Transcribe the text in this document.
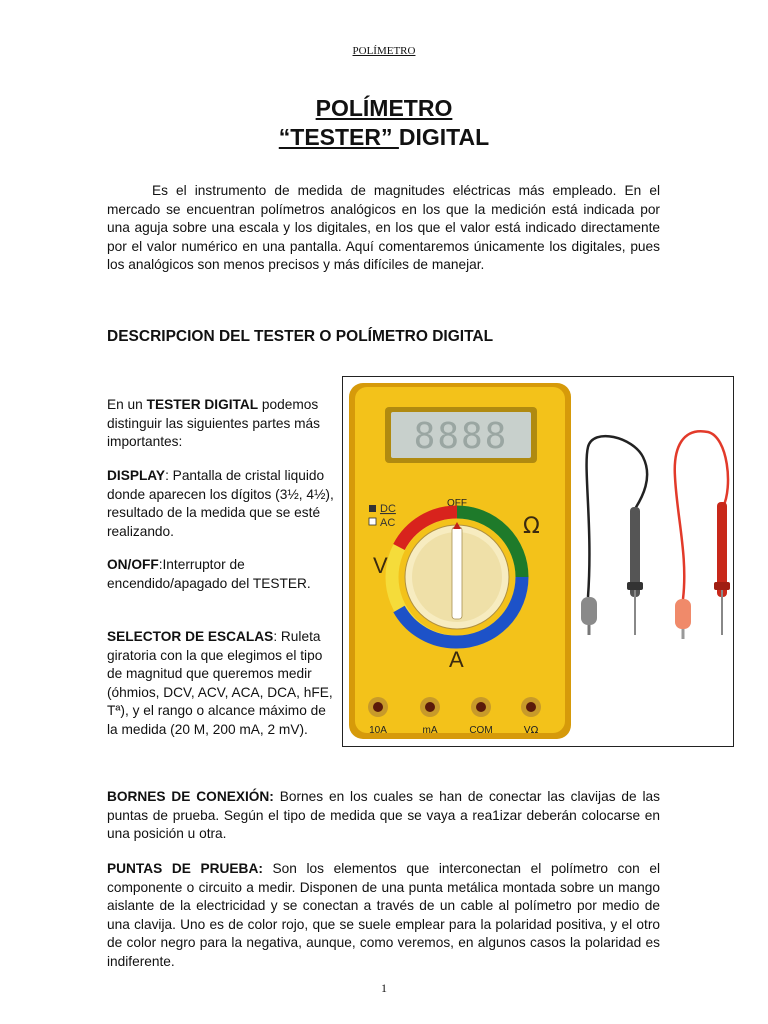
POLÍMETRO
POLÍMETRO
“TESTER” DIGITAL
Es el instrumento de medida de magnitudes eléctricas más empleado. En el mercado se encuentran polímetros analógicos en los que la medición está indicada por una aguja sobre una escala y los digitales, en los que el valor está indicado directamente por el valor numérico en una pantalla. Aquí comentaremos únicamente los digitales, pues los analógicos son menos precisos y más difíciles de manejar.
DESCRIPCION DEL TESTER O POLÍMETRO DIGITAL
En un TESTER DIGITAL podemos distinguir las siguientes partes más importantes:
DISPLAY: Pantalla de cristal liquido donde aparecen los dígitos (3½, 4½), resultado de la medida que se esté realizando.
ON/OFF:Interruptor de encendido/apagado del TESTER.
SELECTOR DE ESCALAS: Ruleta giratoria con la que elegimos el tipo de magnitud que queremos medir (óhmios, DCV, ACV, ACA, DCA, hFE, Tª), y el rango o alcance máximo de la medida (20 M, 200 mA, 2 mV).
8888
DC
AC
OFF
V
Ω
A
10A	mA	COM	VΩ
BORNES DE CONEXIÓN: Bornes en los cuales se han de conectar las clavijas de las puntas de prueba. Según el tipo de medida que se vaya a rea1izar deberán colocarse en una posición u otra.
PUNTAS DE PRUEBA: Son los elementos que interconectan el polímetro con el componente o circuito a medir. Disponen de una punta metálica montada sobre un mango aislante de la electricidad y se conectan a través de un cable al polímetro por medio de una clavija. Uno es de color rojo, que se suele emplear para la polaridad positiva, y el otro de color negro para la negativa, aunque, como veremos, en algunos casos la polaridad es indiferente.
1
